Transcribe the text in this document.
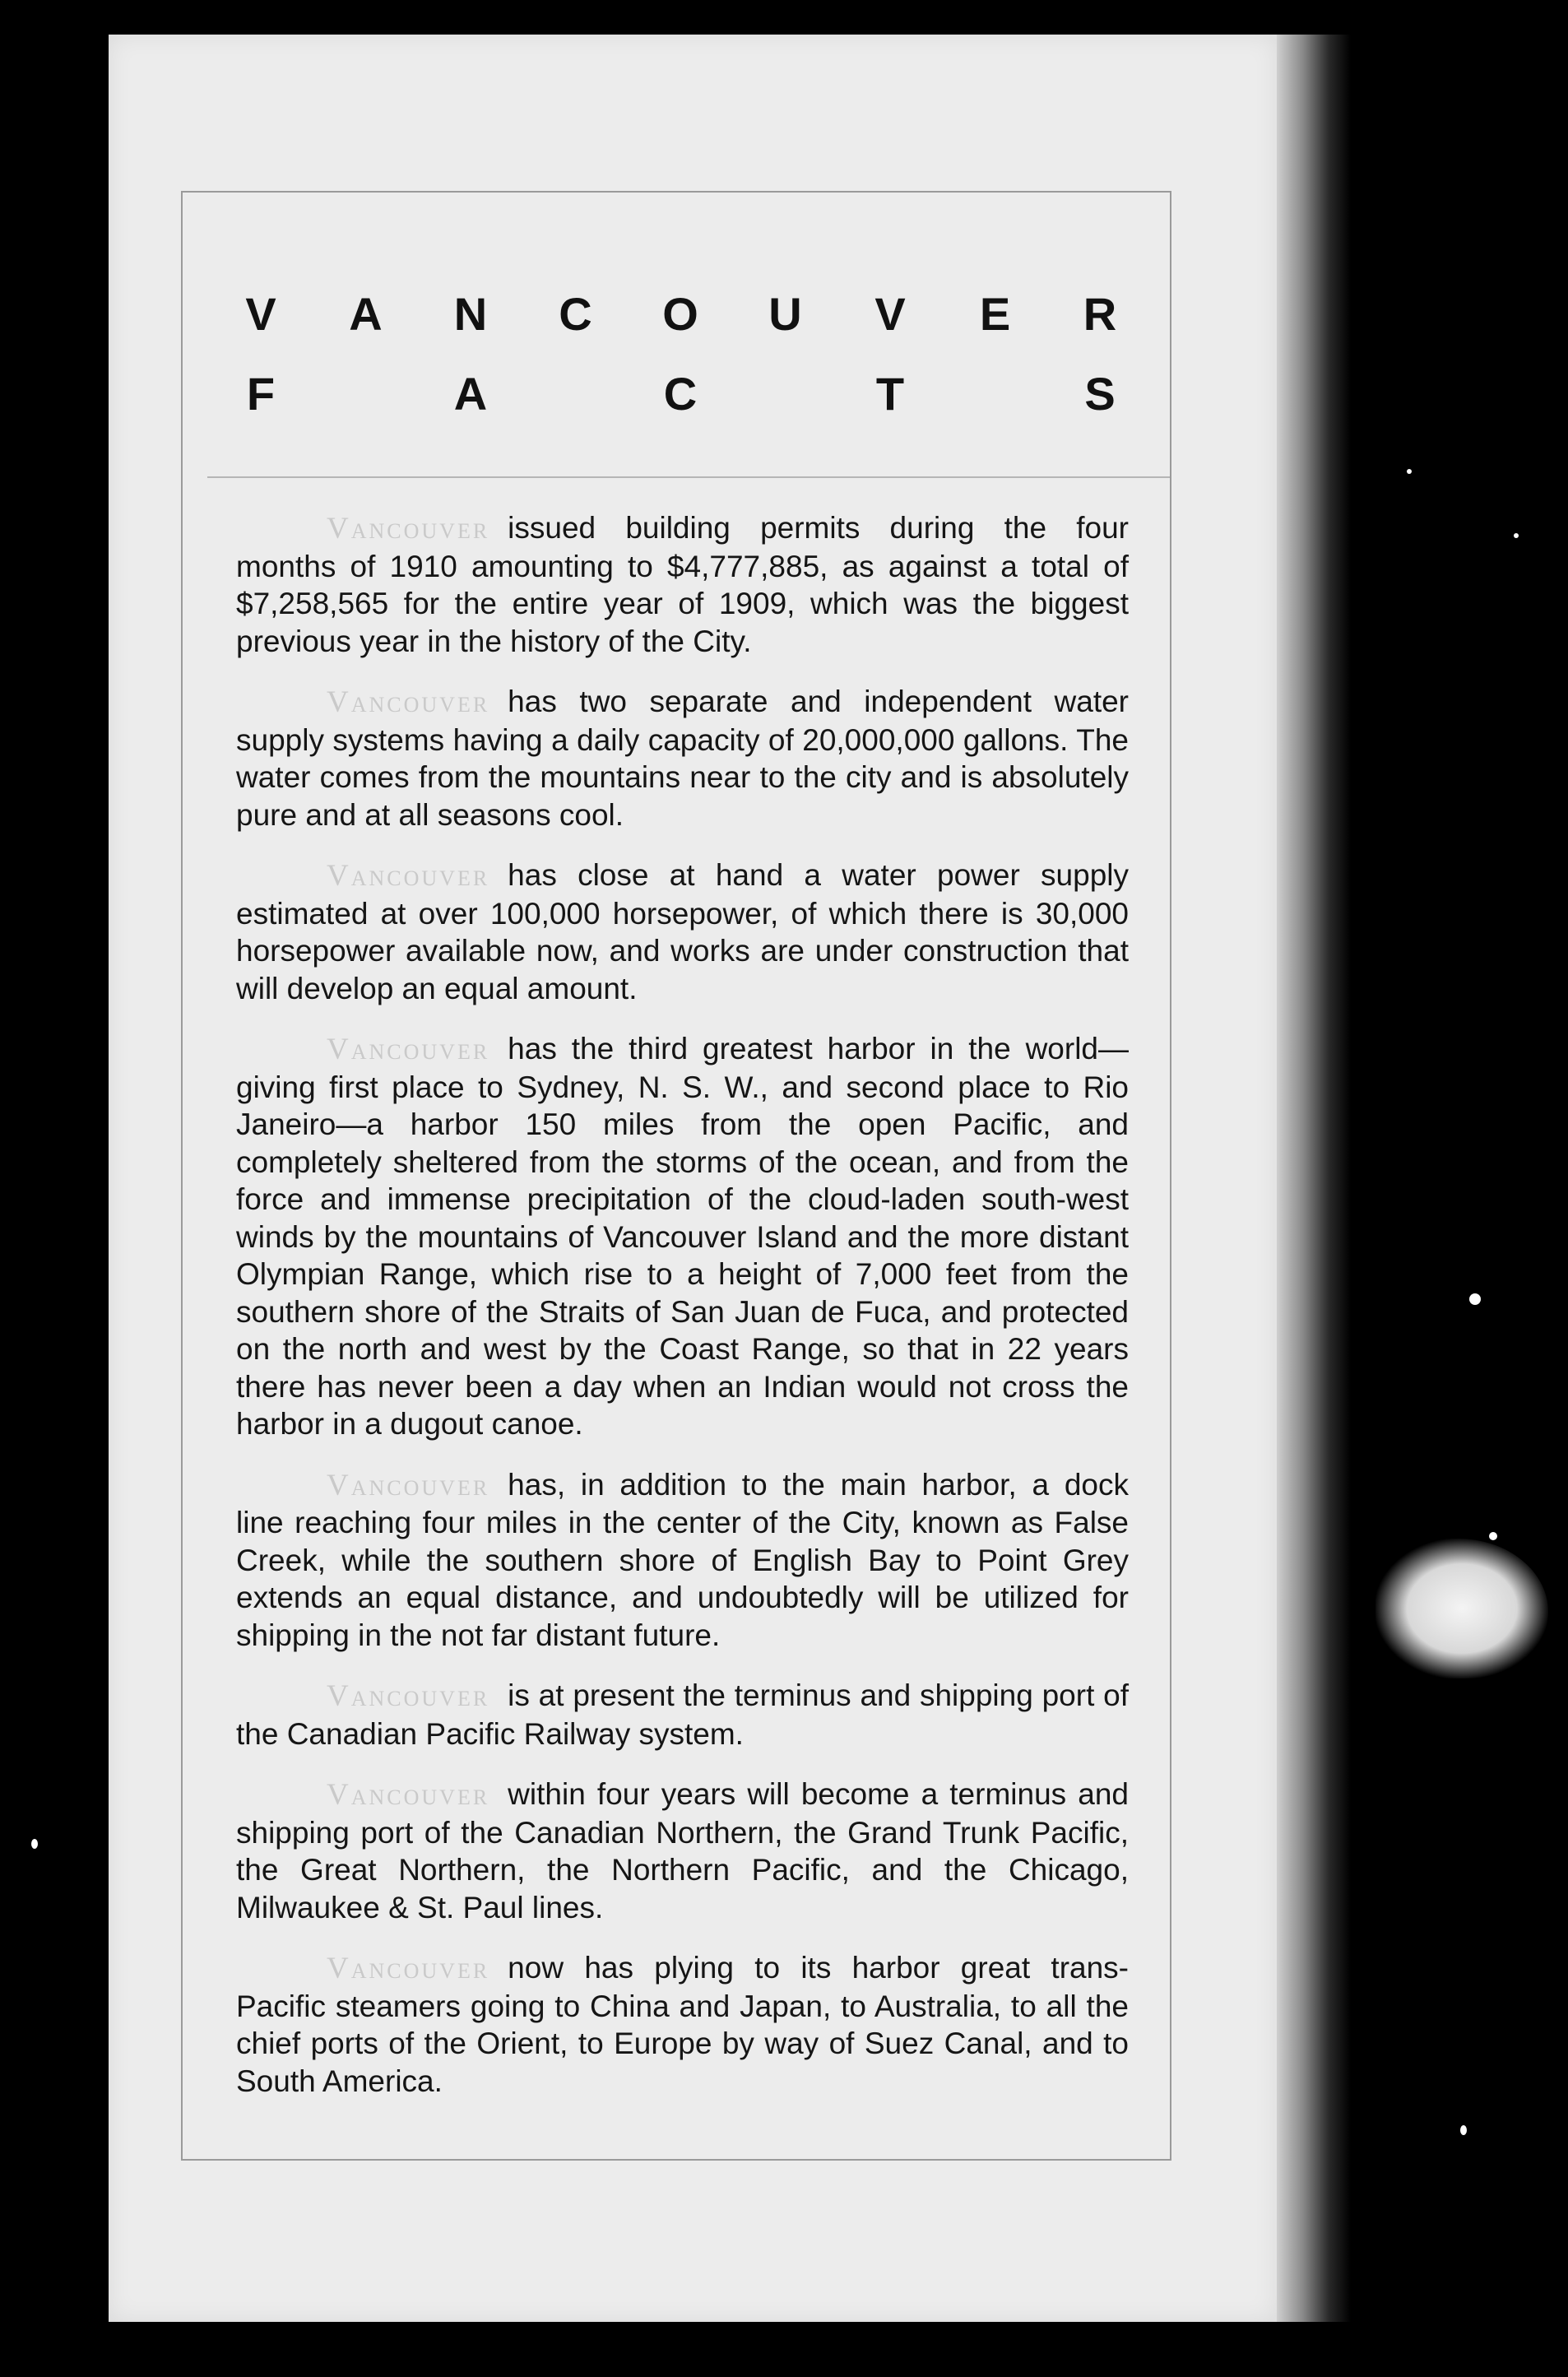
V A N C O U V E R
F	A	C	T	S

Vancouver issued building permits during the four months of 1910 amounting to $4,777,885, as against a total of $7,258,565 for the entire year of 1909, which was the biggest previous year in the history of the City.

Vancouver has two separate and independent water supply systems having a daily capacity of 20,000,000 gallons. The water comes from the mountains near to the city and is absolutely pure and at all seasons cool.

Vancouver has close at hand a water power supply estimated at over 100,000 horsepower, of which there is 30,000 horsepower available now, and works are under construction that will develop an equal amount.

Vancouver has the third greatest harbor in the world—giving first place to Sydney, N. S. W., and second place to Rio Janeiro—a harbor 150 miles from the open Pacific, and completely sheltered from the storms of the ocean, and from the force and immense precipitation of the cloud-laden south-west winds by the mountains of Vancouver Island and the more distant Olympian Range, which rise to a height of 7,000 feet from the southern shore of the Straits of San Juan de Fuca, and protected on the north and west by the Coast Range, so that in 22 years there has never been a day when an Indian would not cross the harbor in a dugout canoe.

Vancouver has, in addition to the main harbor, a dock line reaching four miles in the center of the City, known as False Creek, while the southern shore of English Bay to Point Grey extends an equal distance, and undoubtedly will be utilized for shipping in the not far distant future.

Vancouver is at present the terminus and shipping port of the Canadian Pacific Railway system.

Vancouver within four years will become a terminus and shipping port of the Canadian Northern, the Grand Trunk Pacific, the Great Northern, the Northern Pacific, and the Chicago, Milwaukee & St. Paul lines.

Vancouver now has plying to its harbor great trans-Pacific steamers going to China and Japan, to Australia, to all the chief ports of the Orient, to Europe by way of Suez Canal, and to South America.
